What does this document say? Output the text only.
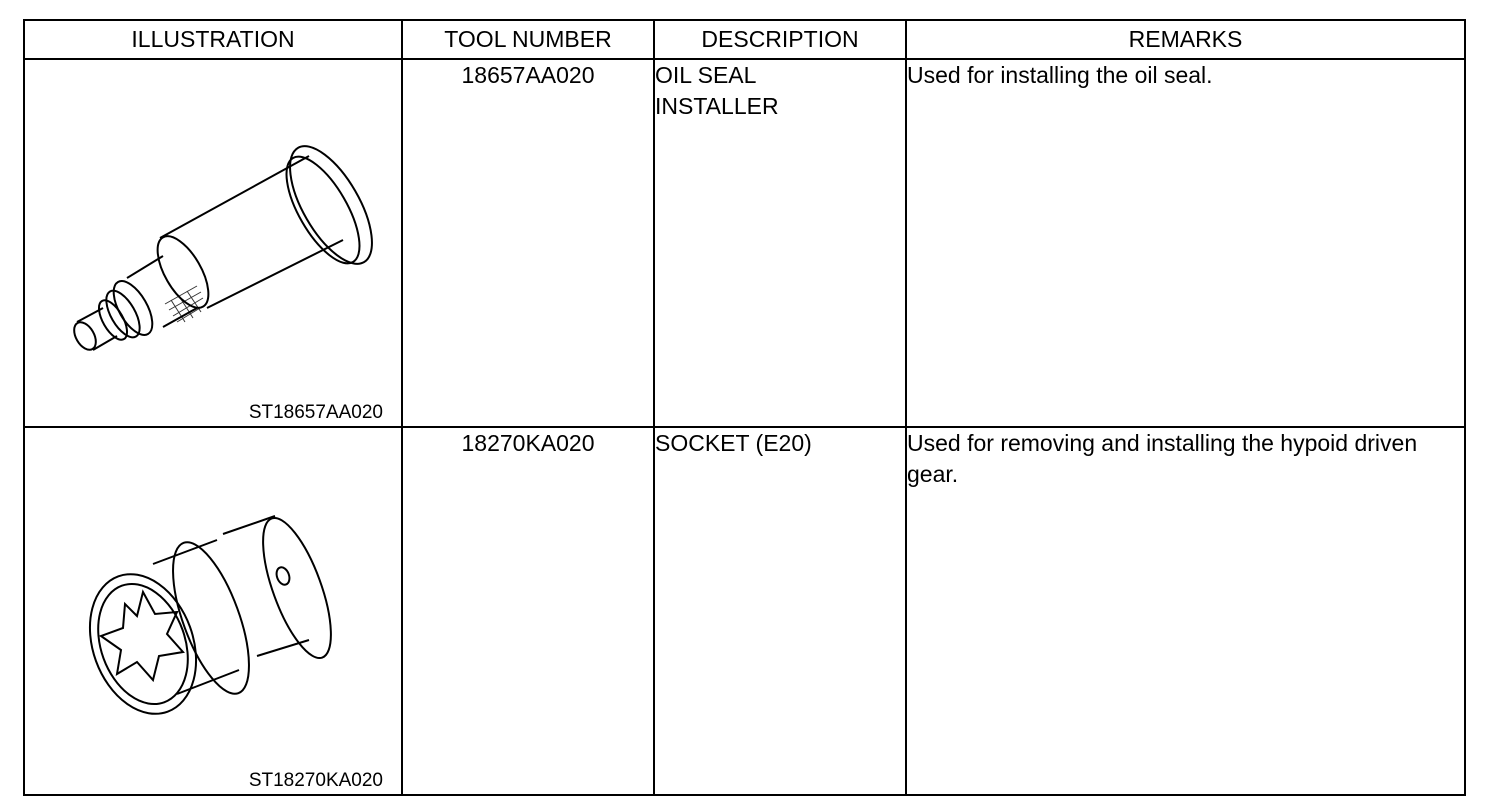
ILLUSTRATION	TOOL NUMBER	DESCRIPTION	REMARKS

ST18657AA020	18657AA020	OIL SEAL INSTALLER	Used for installing the oil seal.

ST18270KA020	18270KA020	SOCKET (E20)	Used for removing and installing the hypoid driven gear.
